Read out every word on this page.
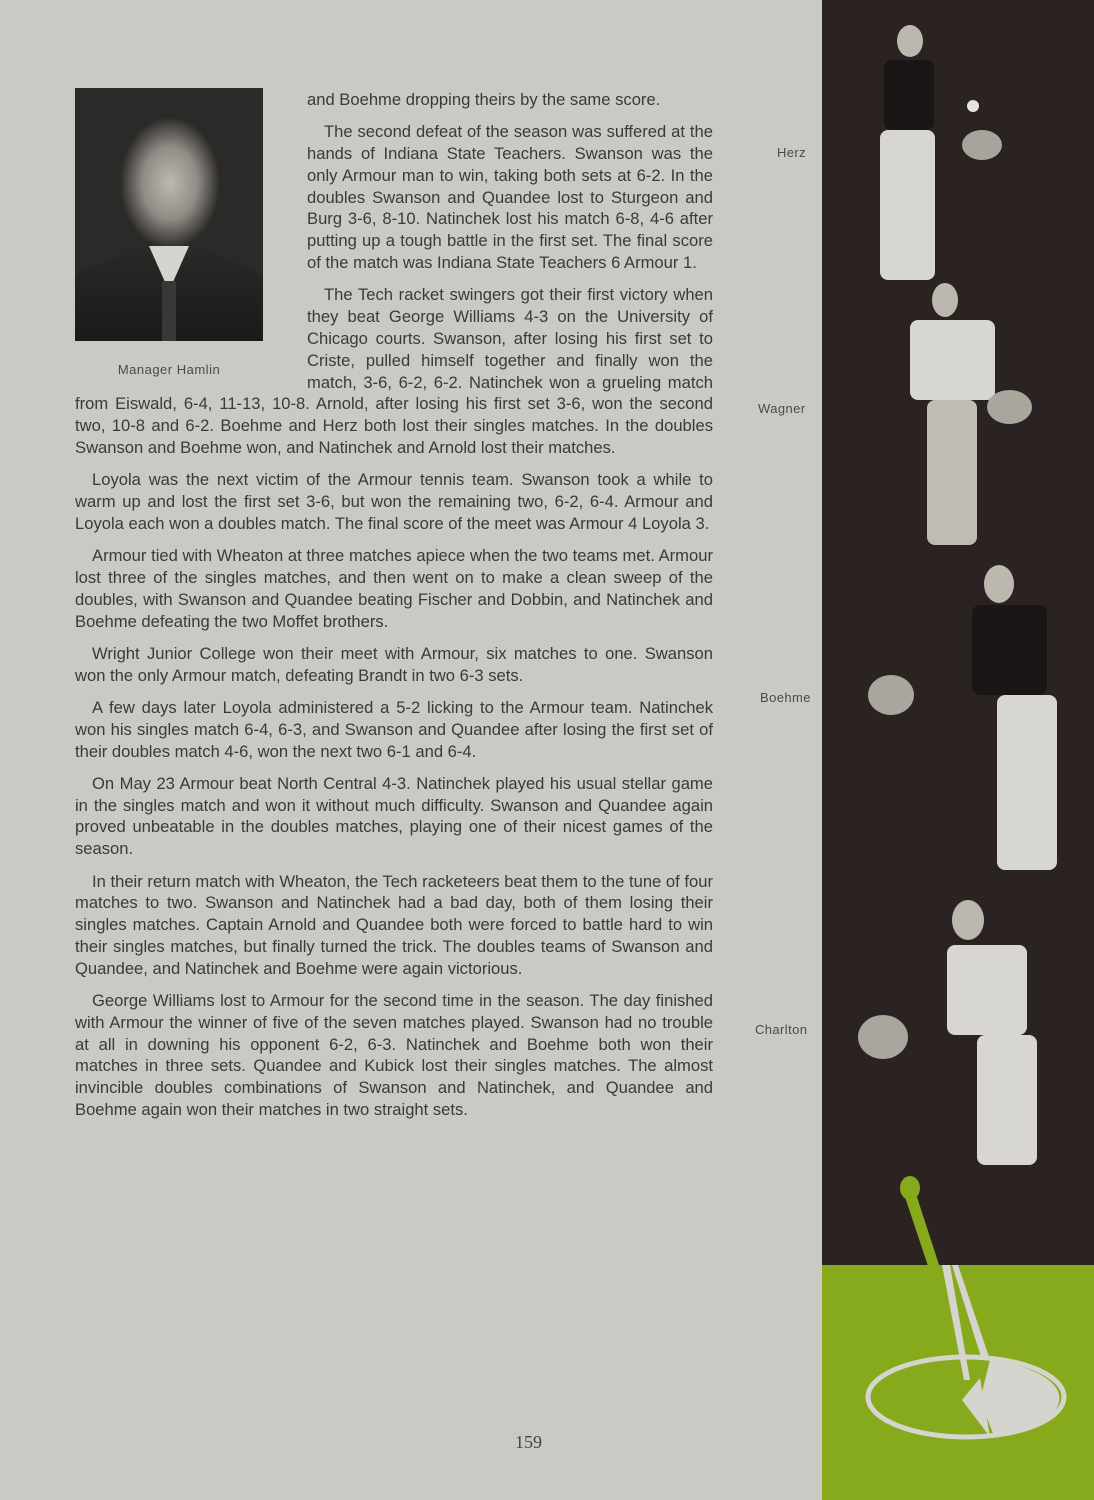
Manager Hamlin

and Boehme dropping theirs by the same score.

The second defeat of the season was suffered at the hands of Indiana State Teachers. Swanson was the only Armour man to win, taking both sets at 6-2. In the doubles Swanson and Quandee lost to Sturgeon and Burg 3-6, 8-10. Natinchek lost his match 6-8, 4-6 after putting up a tough battle in the first set. The final score of the match was Indiana State Teachers 6 Armour 1.

The Tech racket swingers got their first victory when they beat George Williams 4-3 on the University of Chicago courts. Swanson, after losing his first set to Criste, pulled himself together and finally won the match, 3-6, 6-2, 6-2. Natinchek won a grueling match from Eiswald, 6-4, 11-13, 10-8. Arnold, after losing his first set 3-6, won the second two, 10-8 and 6-2. Boehme and Herz both lost their singles matches. In the doubles Swanson and Boehme won, and Natinchek and Arnold lost their matches.

Loyola was the next victim of the Armour tennis team. Swanson took a while to warm up and lost the first set 3-6, but won the remaining two, 6-2, 6-4. Armour and Loyola each won a doubles match. The final score of the meet was Armour 4 Loyola 3.

Armour tied with Wheaton at three matches apiece when the two teams met. Armour lost three of the singles matches, and then went on to make a clean sweep of the doubles, with Swanson and Quandee beating Fischer and Dobbin, and Natinchek and Boehme defeating the two Moffet brothers.

Wright Junior College won their meet with Armour, six matches to one. Swanson won the only Armour match, defeating Brandt in two 6-3 sets.

A few days later Loyola administered a 5-2 licking to the Armour team. Natinchek won his singles match 6-4, 6-3, and Swanson and Quandee after losing the first set of their doubles match 4-6, won the next two 6-1 and 6-4.

On May 23 Armour beat North Central 4-3. Natinchek played his usual stellar game in the singles match and won it without much difficulty. Swanson and Quandee again proved unbeatable in the doubles matches, playing one of their nicest games of the season.

In their return match with Wheaton, the Tech racketeers beat them to the tune of four matches to two. Swanson and Natinchek had a bad day, both of them losing their singles matches. Captain Arnold and Quandee both were forced to battle hard to win their singles matches, but finally turned the trick. The doubles teams of Swanson and Quandee, and Natinchek and Boehme were again victorious.

George Williams lost to Armour for the second time in the season. The day finished with Armour the winner of five of the seven matches played. Swanson had no trouble at all in downing his opponent 6-2, 6-3. Natinchek and Boehme both won their matches in three sets. Quandee and Kubick lost their singles matches. The almost invincible doubles combinations of Swanson and Natinchek, and Quandee and Boehme again won their matches in two straight sets.

Herz
Wagner
Boehme
Charlton
159
